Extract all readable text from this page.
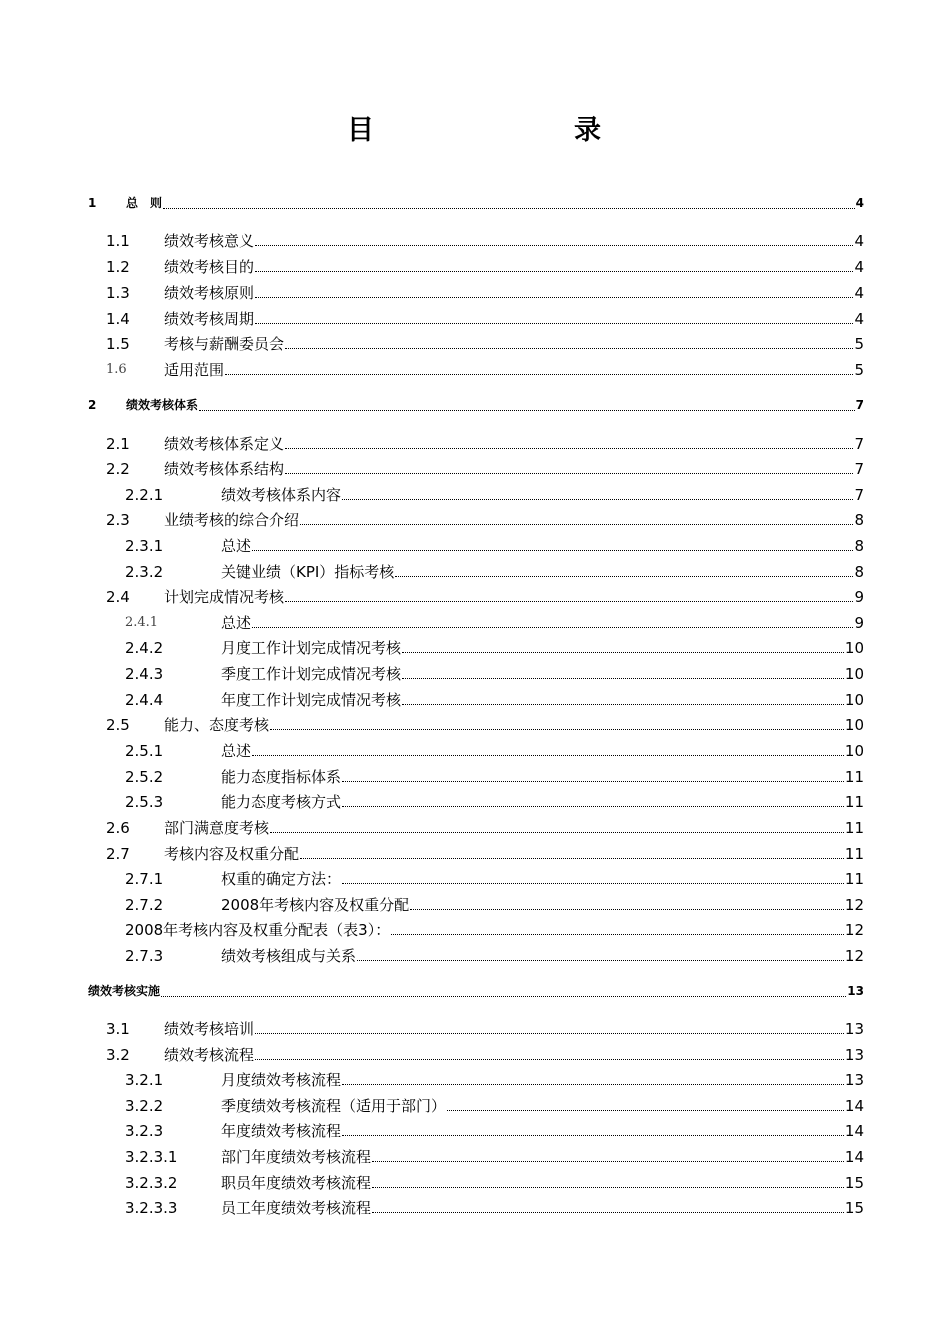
目	录
1	总　则	4
1.1	绩效考核意义	4
1.2	绩效考核目的	4
1.3	绩效考核原则	4
1.4	绩效考核周期	4
1.5	考核与薪酬委员会	5
1.6	适用范围	5
2	绩效考核体系	7
2.1	绩效考核体系定义	7
2.2	绩效考核体系结构	7
2.2.1	绩效考核体系内容	7
2.3	业绩考核的综合介绍	8
2.3.1	总述	8
2.3.2	关键业绩（KPI）指标考核	8
2.4	计划完成情况考核	9
2.4.1	总述	9
2.4.2	月度工作计划完成情况考核	10
2.4.3	季度工作计划完成情况考核	10
2.4.4	年度工作计划完成情况考核	10
2.5	能力、态度考核	10
2.5.1	总述	10
2.5.2	能力态度指标体系	11
2.5.3	能力态度考核方式	11
2.6	部门满意度考核	11
2.7	考核内容及权重分配	11
2.7.1	权重的确定方法：	11
2.7.2	2008年考核内容及权重分配	12
2008年考核内容及权重分配表（表3）：	12
2.7.3	绩效考核组成与关系	12
绩效考核实施	13
3.1	绩效考核培训	13
3.2	绩效考核流程	13
3.2.1	月度绩效考核流程	13
3.2.2	季度绩效考核流程（适用于部门）	14
3.2.3	年度绩效考核流程	14
3.2.3.1	部门年度绩效考核流程	14
3.2.3.2	职员年度绩效考核流程	15
3.2.3.3	员工年度绩效考核流程	15
